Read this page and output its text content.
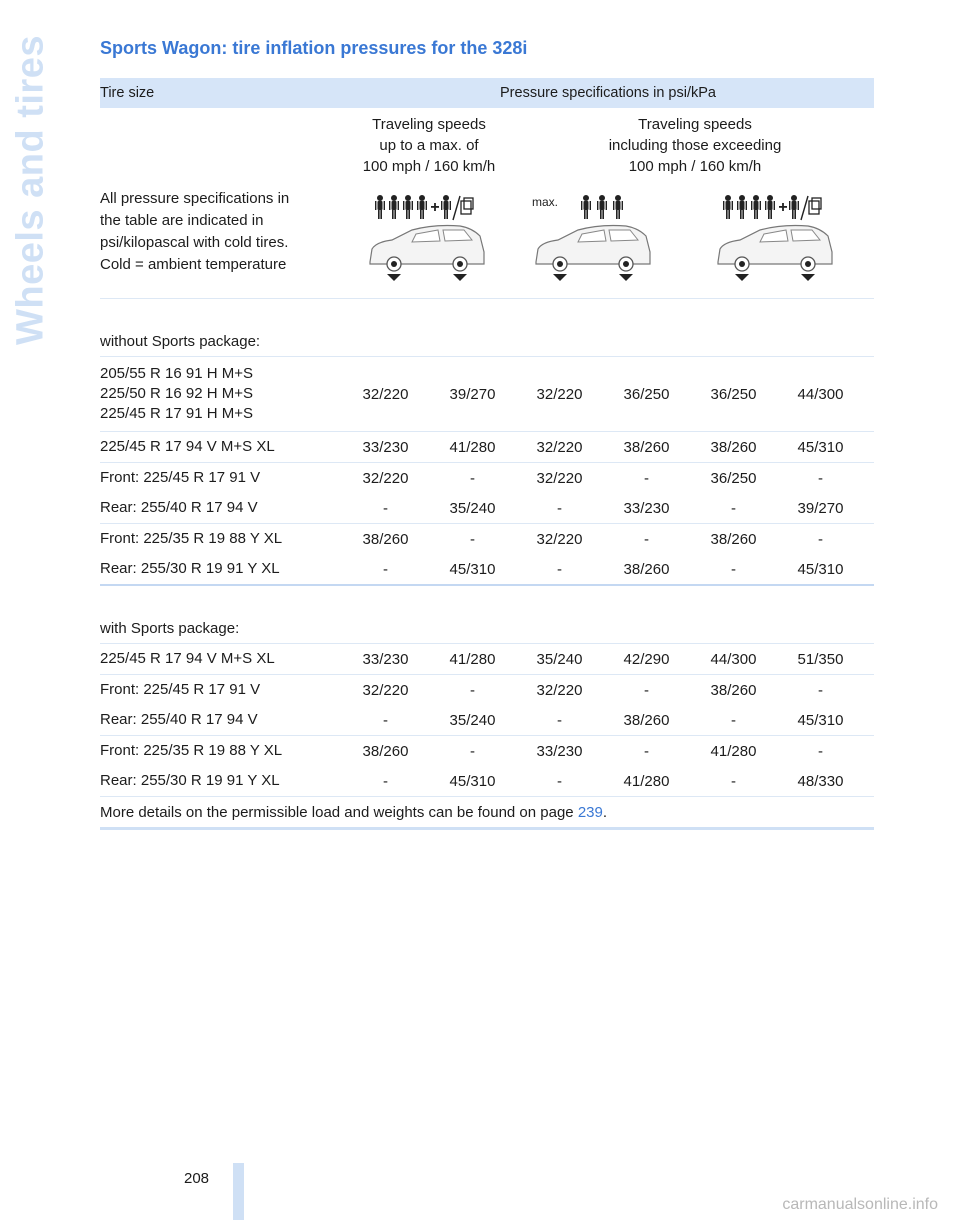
Wheels and tires	Sports Wagon: tire inflation pressures for the 328i
Tire size	Pressure specifications in psi/kPa
Traveling speeds
up to a max. of
100 mph / 160 km/h
Traveling speeds
including those exceeding
100 mph / 160 km/h
All pressure specifications in
the table are indicated in
psi/kilopascal with cold tires.
Cold = ambient temperature
max.
without Sports package:
205/55 R 16 91 H M+S
225/50 R 16 92 H M+S
225/45 R 17 91 H M+S
32/220	39/270	32/220	36/250	36/250	44/300
225/45 R 17 94 V M+S XL	33/230	41/280	32/220	38/260	38/260	45/310
Front: 225/45 R 17 91 V	32/220	-	32/220	-	36/250	-
Rear: 255/40 R 17 94 V	-	35/240	-	33/230	-	39/270
Front: 225/35 R 19 88 Y XL	38/260	-	32/220	-	38/260	-
Rear: 255/30 R 19 91 Y XL	-	45/310	-	38/260	-	45/310
with Sports package:
225/45 R 17 94 V M+S XL	33/230	41/280	35/240	42/290	44/300	51/350
Front: 225/45 R 17 91 V	32/220	-	32/220	-	38/260	-
Rear: 255/40 R 17 94 V	-	35/240	-	38/260	-	45/310
Front: 225/35 R 19 88 Y XL	38/260	-	33/230	-	41/280	-
Rear: 255/30 R 19 91 Y XL	-	45/310	-	41/280	-	48/330
More details on the permissible load and weights can be found on page
239 .
208
carmanualsonline.info
